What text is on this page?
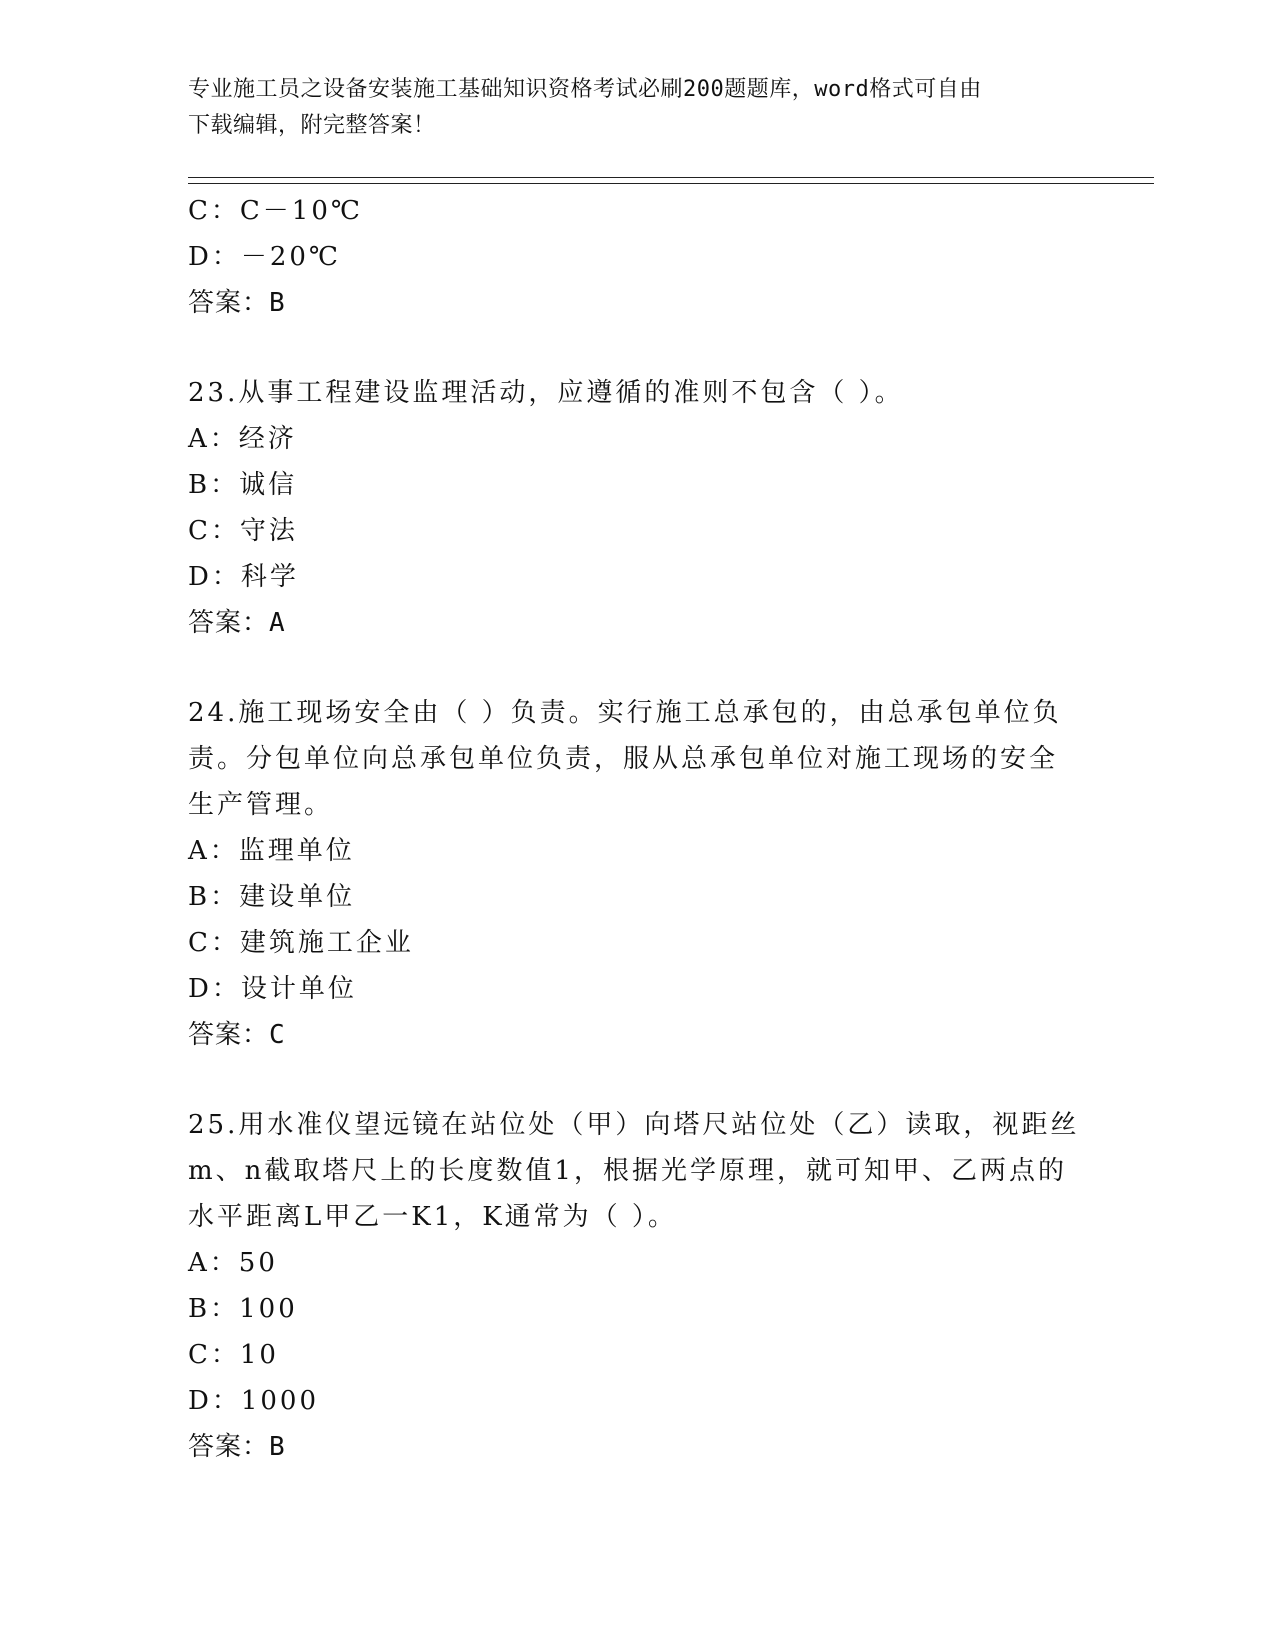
专业施工员之设备安装施工基础知识资格考试必刷200题题库，word格式可自由
下载编辑，附完整答案！
C：C－10℃
D：－20℃
答案：B
23.从事工程建设监理活动，应遵循的准则不包含（ ）。
A：经济
B：诚信
C：守法
D：科学
答案：A
24.施工现场安全由（ ）负责。实行施工总承包的，由总承包单位负
责。分包单位向总承包单位负责，服从总承包单位对施工现场的安全
生产管理。
A：监理单位
B：建设单位
C：建筑施工企业
D：设计单位
答案：C
25.用水准仪望远镜在站位处（甲）向塔尺站位处（乙）读取，视距丝
m、n截取塔尺上的长度数值1，根据光学原理，就可知甲、乙两点的
水平距离L甲乙一K1，K通常为（ ）。
A：50
B：100
C：10
D：1000
答案：B
